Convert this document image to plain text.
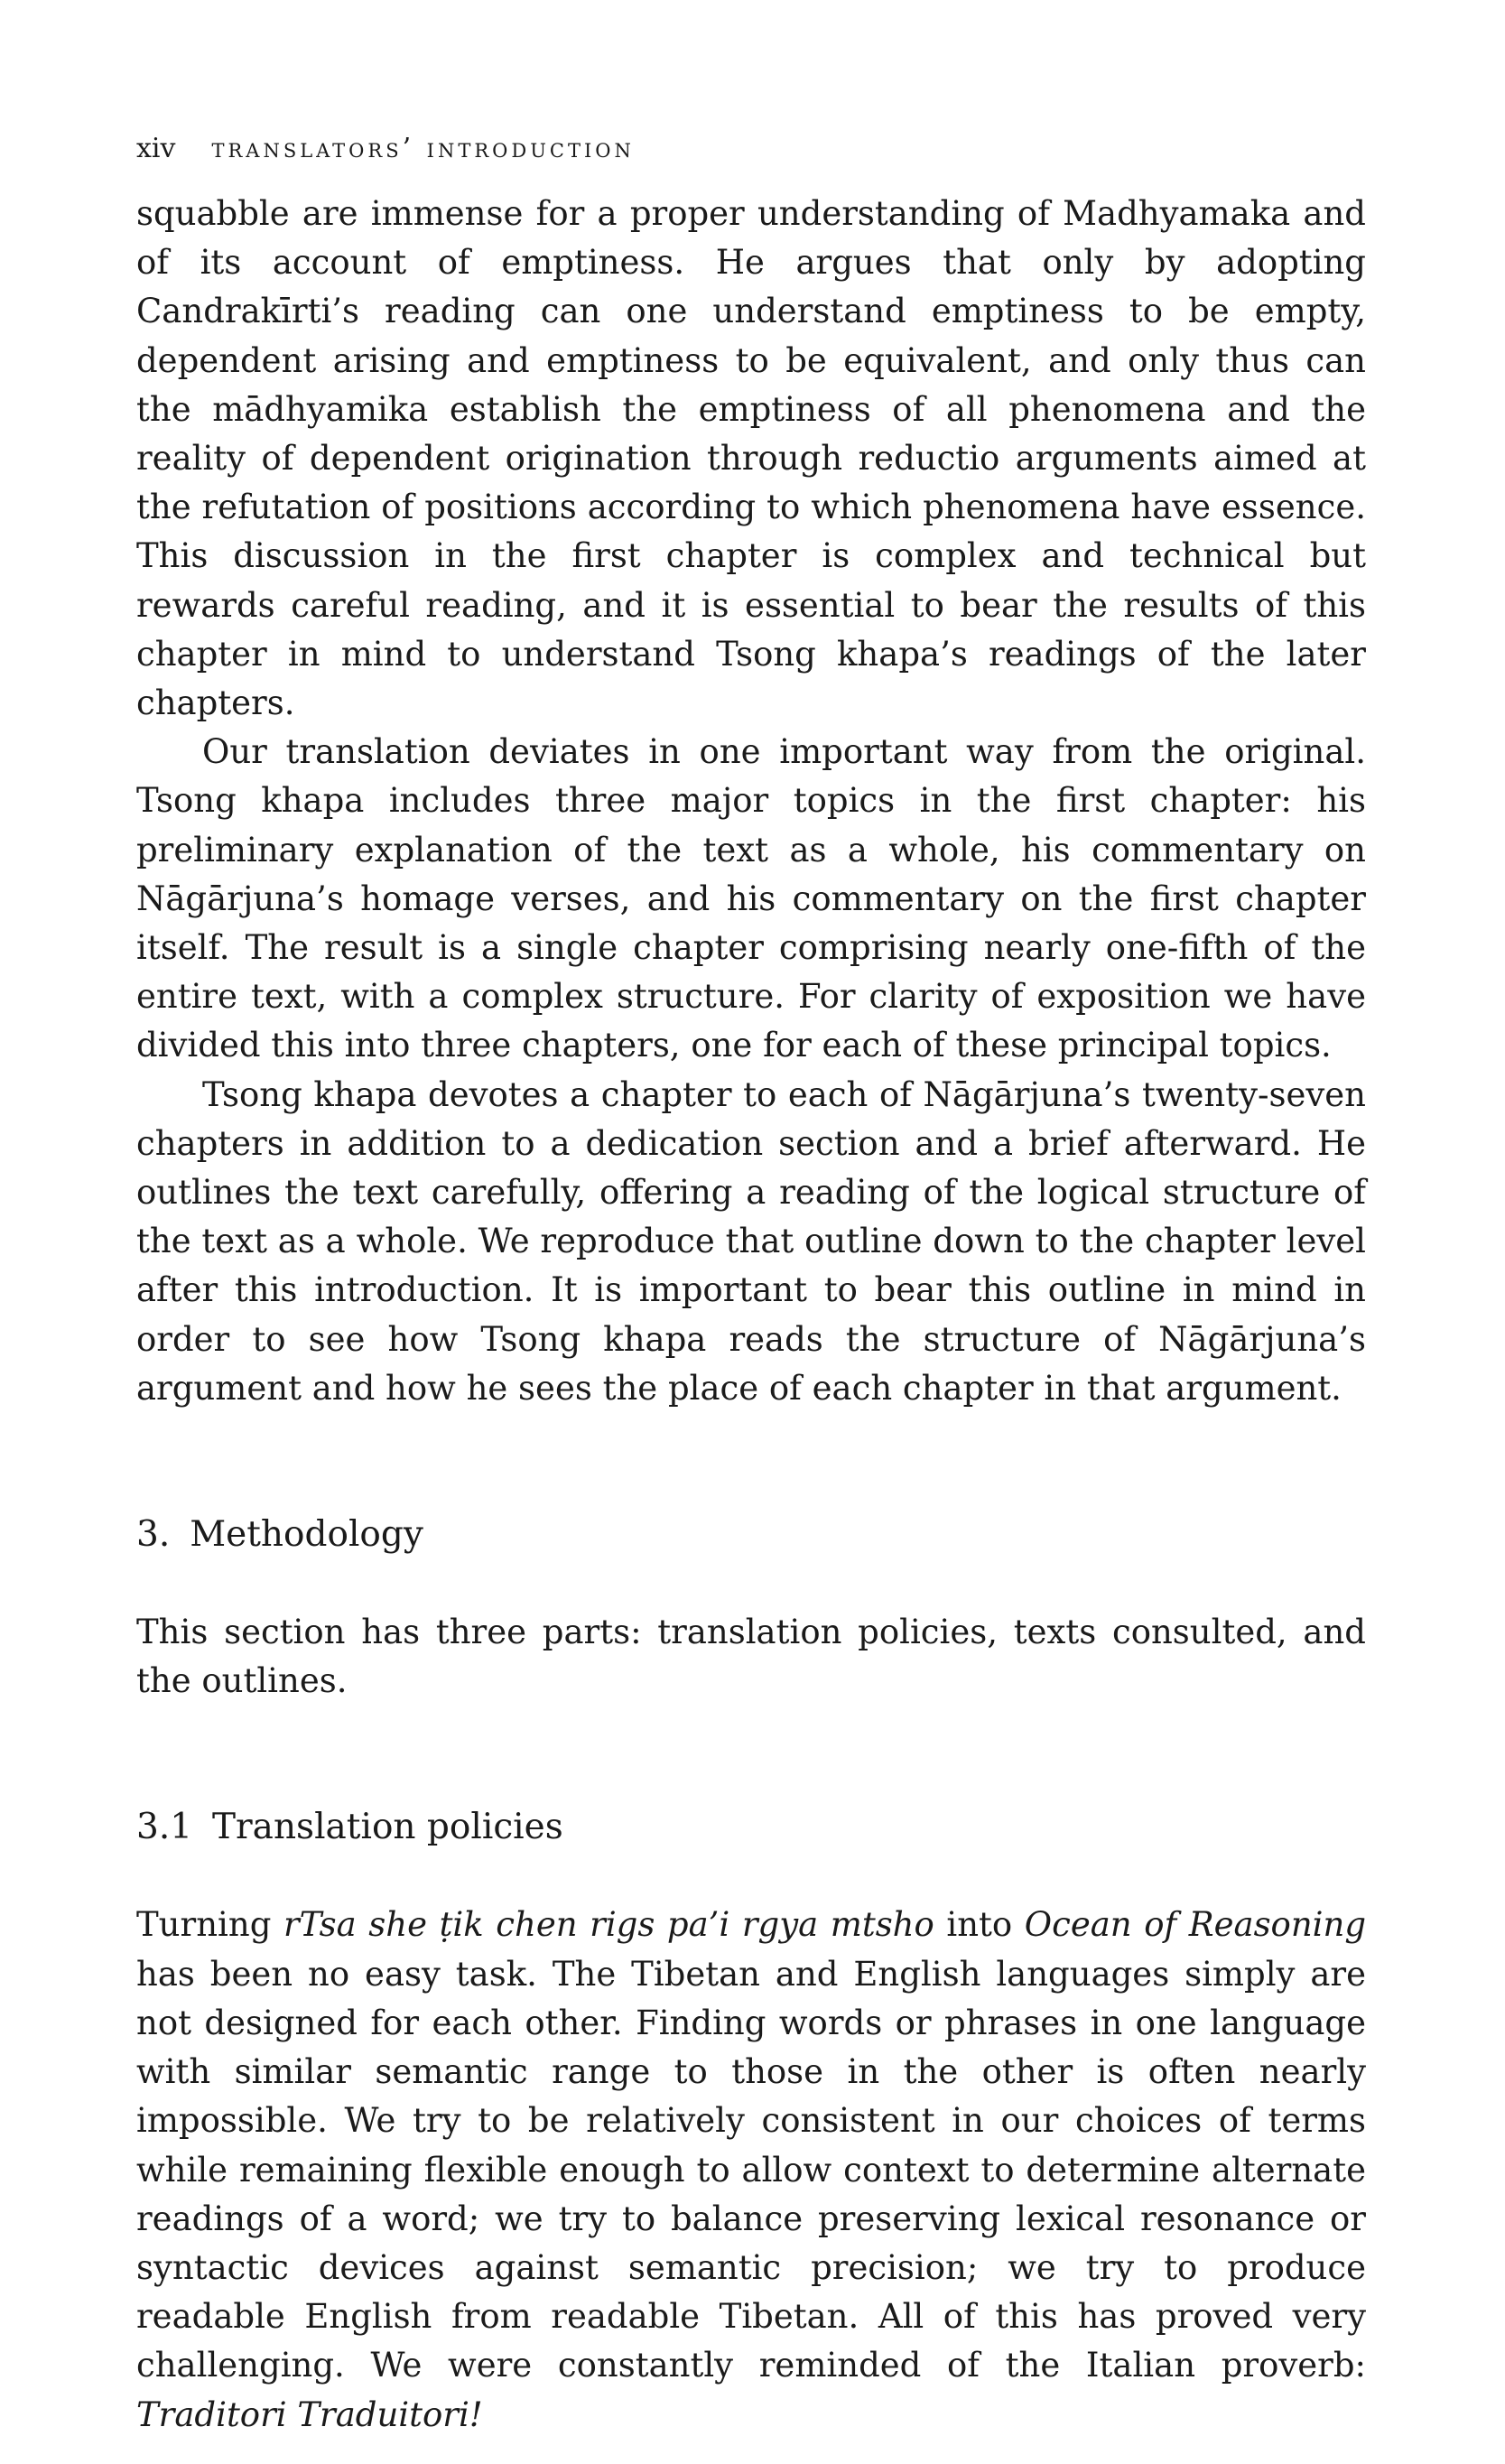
xiv translators’ introduction

squabble are immense for a proper understanding of Madhyamaka and of its account of emptiness. He argues that only by adopting Candrakīrti’s reading can one understand emptiness to be empty, dependent arising and emptiness to be equivalent, and only thus can the mādhyamika establish the emptiness of all phenomena and the reality of dependent origination through reductio arguments aimed at the refutation of positions according to which phenomena have essence. This discussion in the first chapter is complex and technical but rewards careful reading, and it is essential to bear the results of this chapter in mind to understand Tsong khapa’s readings of the later chapters.

Our translation deviates in one important way from the original. Tsong khapa includes three major topics in the first chapter: his preliminary explanation of the text as a whole, his commentary on Nāgārjuna’s homage verses, and his commentary on the first chapter itself. The result is a single chapter comprising nearly one-fifth of the entire text, with a complex structure. For clarity of exposition we have divided this into three chapters, one for each of these principal topics.

Tsong khapa devotes a chapter to each of Nāgārjuna’s twenty-seven chapters in addition to a dedication section and a brief afterward. He outlines the text carefully, offering a reading of the logical structure of the text as a whole. We reproduce that outline down to the chapter level after this introduction. It is important to bear this outline in mind in order to see how Tsong khapa reads the structure of Nāgārjuna’s argument and how he sees the place of each chapter in that argument.

3. Methodology

This section has three parts: translation policies, texts consulted, and the outlines.

3.1 Translation policies

Turning rTsa she ṭik chen rigs pa’i rgya mtsho into Ocean of Reasoning has been no easy task. The Tibetan and English languages simply are not designed for each other. Finding words or phrases in one language with similar semantic range to those in the other is often nearly impossible. We try to be relatively consistent in our choices of terms while remaining flexible enough to allow context to determine alternate readings of a word; we try to balance preserving lexical resonance or syntactic devices against semantic precision; we try to produce readable English from readable Tibetan. All of this has proved very challenging. We were constantly reminded of the Italian proverb: Traditori Traduitori!
